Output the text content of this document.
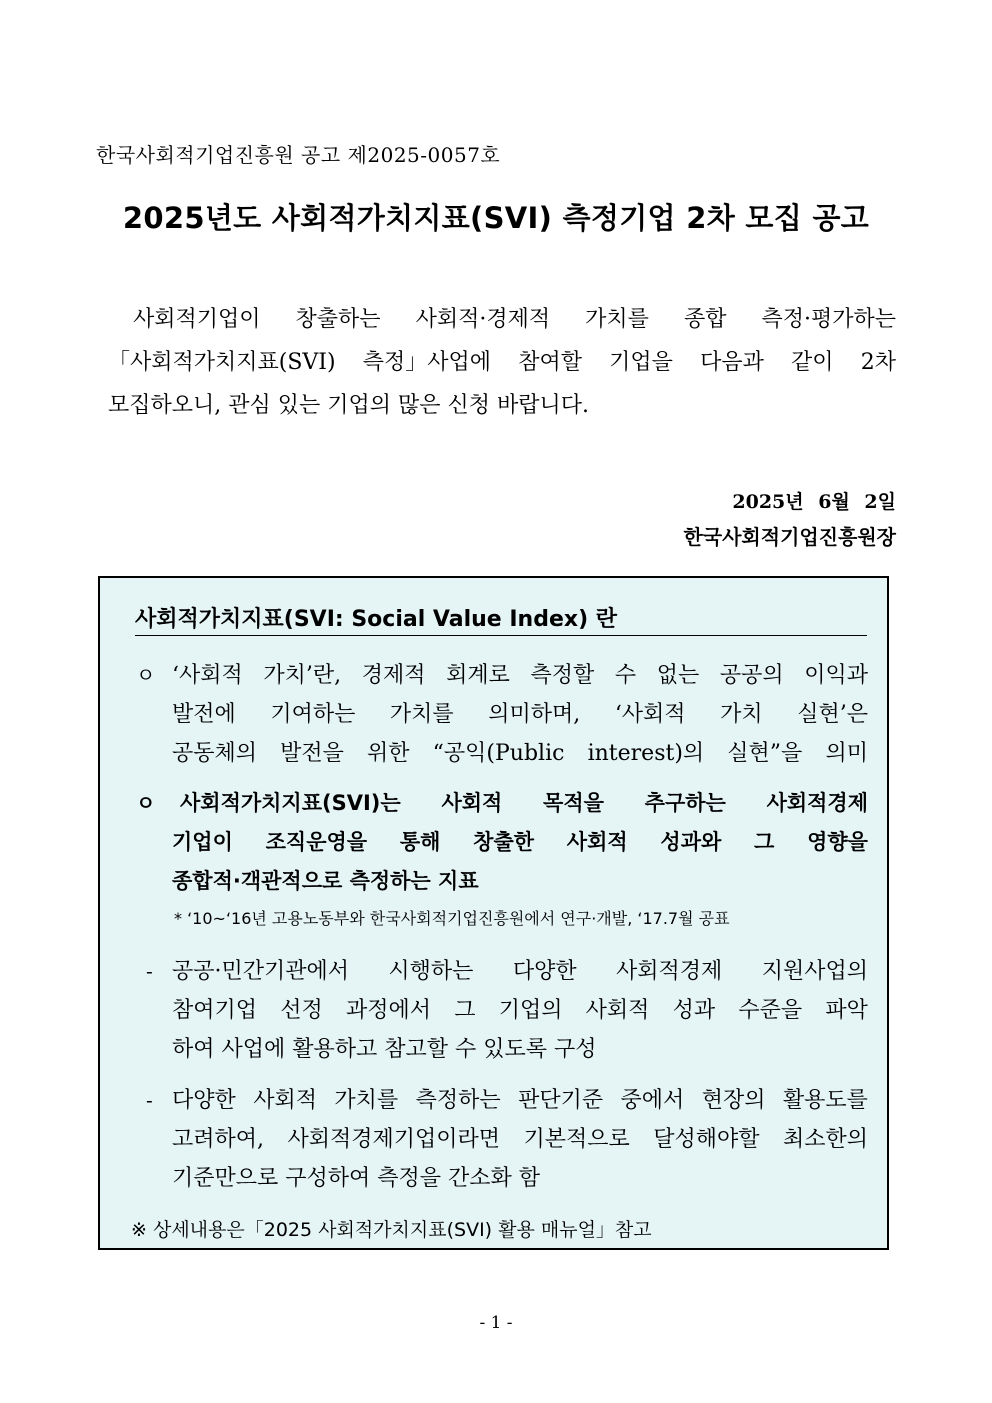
한국사회적기업진흥원 공고 제2025-0057호
2025년도 사회적가치지표(SVI) 측정기업 2차 모집 공고
사회적기업이 창출하는 사회적·경제적 가치를 종합 측정·평가하는
「사회적가치지표(SVI) 측정」사업에 참여할 기업을 다음과 같이 2차
모집하오니, 관심 있는 기업의 많은 신청 바랍니다.
2025년 6월 2일
한국사회적기업진흥원장
사회적가치지표(SVI: Social Value Index) 란
ㅇ ‘사회적 가치’란, 경제적 회계로 측정할 수 없는 공공의 이익과
발전에 기여하는 가치를 의미하며, ‘사회적 가치 실현’은
공동체의 발전을 위한 “공익(Public interest)의 실현”을 의미
ㅇ	사회적가치지표(SVI)는 사회적 목적을 추구하는 사회적경제
기업이 조직운영을 통해 창출한 사회적 성과와 그 영향을
종합적·객관적으로 측정하는 지표
* ‘10~‘16년 고용노동부와 한국사회적기업진흥원에서 연구·개발, ‘17.7월 공표
- 공공·민간기관에서 시행하는 다양한 사회적경제 지원사업의
참여기업 선정 과정에서 그 기업의 사회적 성과 수준을 파악
하여 사업에 활용하고 참고할 수 있도록 구성
- 다양한 사회적 가치를 측정하는 판단기준 중에서 현장의 활용도를
고려하여, 사회적경제기업이라면 기본적으로 달성해야할 최소한의
기준만으로 구성하여 측정을 간소화 함
※ 상세내용은「2025 사회적가치지표(SVI) 활용 매뉴얼」참고
- 1 -
